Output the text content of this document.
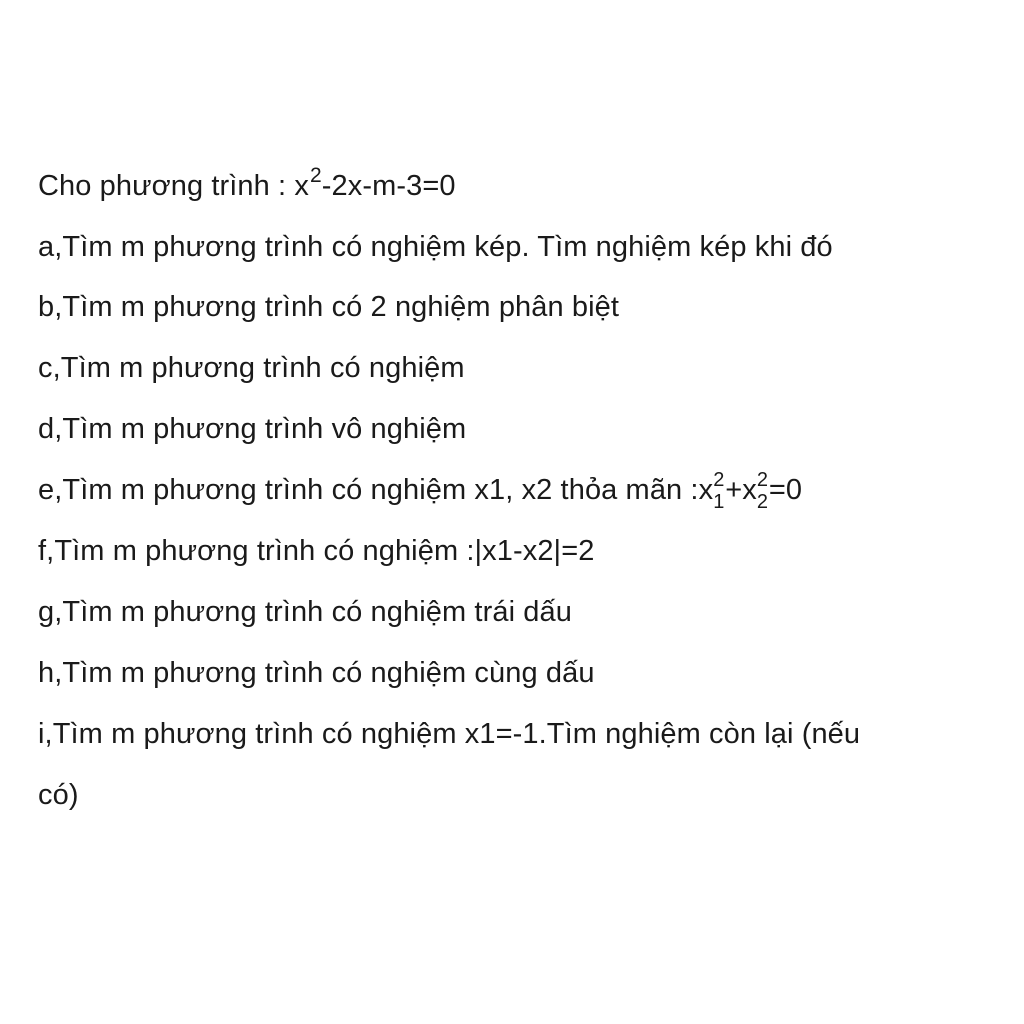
Cho phương trình : x2-2x-m-3=0
a,Tìm m phương trình có nghiệm kép. Tìm nghiệm kép khi đó
b,Tìm m phương trình có 2 nghiệm phân biệt
c,Tìm m phương trình có nghiệm
d,Tìm m phương trình vô nghiệm
e,Tìm m phương trình có nghiệm x1, x2 thỏa mãn :x 2
1 +x 2
2 =0
f,Tìm m phương trình có nghiệm :|x1-x2|=2
g,Tìm m phương trình có nghiệm trái dấu
h,Tìm m phương trình có nghiệm cùng dấu
i,Tìm m phương trình có nghiệm x1=-1.Tìm nghiệm còn lại (nếu
có)
